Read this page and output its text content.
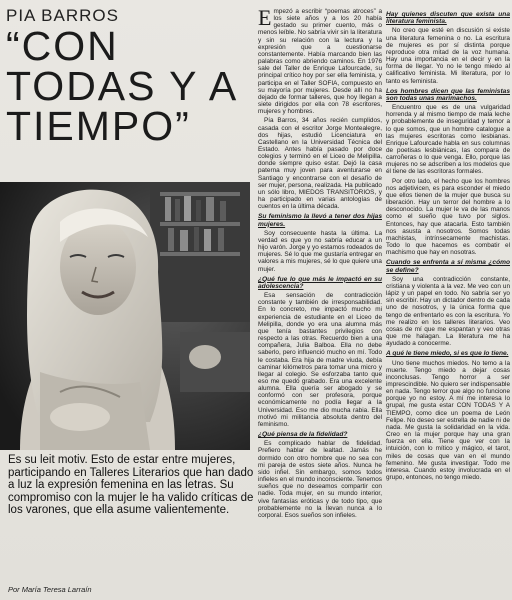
PIA BARROS
“CON TODAS Y A TIEMPO”
Es su leit motiv. Esto de estar entre mujeres, participando en Talleres Literarios que han dado a luz la expresión femenina en las letras. Su compromiso con la mujer le ha valido críticas de los varones, que ella asume valientemente.
Por María Teresa Larraín

Empezó a escribir “poemas atroces” a los siete años y a los 20 había gestado su primer cuento, más o menos leíble. No sabría vivir sin la literatura y sin su relación con la lectura y la expresión que a cuestionarse constantemente. Había marcando bien las palabras como abriendo caminos. En 1976 sale del Taller de Enrique Lafourcade, su principal crítico hoy por ser ella feminista, y participa en el Taller SOFIA, compuesto en su mayoría por mujeres. Desde allí no ha dejado de formar talleres, que hoy llegan a siete dirigidos por ella con 78 escritores, mujeres y hombres.

Pía Barros, 34 años recién cumplidos, casada con el escritor Jorge Montealegre, dos hijas, estudió Licenciatura en Castellano en la Universidad Técnica del Estado. Antes había pasado por doce colegios y terminó en el Liceo de Melipilla, donde siempre quiso estar. Dejó la casa paterna muy joven para aventurarse en Santiago y encontrarse con el desafío de ser mujer, persona, realizada. Ha publicado un sólo libro, MIEDOS TRANSITORIOS, y ha participado en varias antologías de cuentos en la última década.

Su feminismo la llevó a tener dos hijas mujeres.

Soy consecuente hasta la última. La verdad es que yo no sabría educar a un hijo varón. Jorge y yo estamos rodeados de mujeres. Sé lo que me gustaría entregar en valores a mis mujeres, sé lo que quiere una mujer.

¿Qué fue lo que más le impactó en su adolescencia?

Esa sensación de contradicción constante y también de irresponsabilidad. En lo concreto, me impactó mucho mi experiencia de estudiante en el Liceo de Melipilla, donde yo era una alumna más que tenía bastantes privilegios con respecto a las otras. Recuerdo bien a una compañera, Julia Balboa. Ella no debe saberlo, pero influenció mucho en mí. Todo le costaba. Era hija de madre viuda, debía caminar kilómetros para tomar una micro y llegar al colegio. Se esforzaba tanto que eso me quedó grabado. Era una excelente alumna. Ella quería ser abogado y se conformó con ser profesora, porque económicamente no podía llegar a la Universidad. Eso me dio mucha rabia. Ella motivó mi militancia absoluta dentro del feminismo.

¿Qué piensa de la fidelidad?

Es complicado hablar de fidelidad. Prefiero hablar de lealtad. Jamás he dormido con otro hombre que no sea con mi pareja de estos siete años. Nunca he sido infiel. Sin embargo, somos todos infieles en el mundo inconsciente. Tenemos sueños que no deseamos compartir con nadie. Toda mujer, en su mundo interior, vive fantasías eróticas y de todo tipo, que probablemente no la llevan nunca a lo corporal. Esos sueños son infieles.

Hay quienes discuten que exista una literatura feminista.

No creo que esté en discusión si existe una literatura femenina o no. La escritura de mujeres es por sí distinta porque reproduce otra mitad de la voz humana. Hay una importancia en el decir y en la forma de llegar. Yo no le tengo miedo al calificativo feminista. Mi literatura, por lo tanto es feminista.

Los hombres dicen que las feministas son todas unas marimachos.

Encuentro que es de una vulgaridad horrenda y al mismo tiempo de mala leche y probablemente de inseguridad y temor a lo que somos, que un hombre catalogue a las mujeres escritoras como lesbianas. Enrique Lafourcade habla en sus columnas de poetisas lesbiánicas, las compara de carroñeras o lo que venga. Ello, porque las mujeres no se adscriben a los modelos que él tiene de las escritoras formales.

Por otro lado, el hecho que los hombres nos adjetivicen, es para esconder el miedo que ellos tienen de la mujer que busca su liberación. Hay un terror del hombre a lo desconocido. La mujer le va de las manos como el sueño que tuvo por siglos. Entonces, hay que atacarla. Esto también nos asusta a nosotros. Somos todas machistas, intrínsecamente machistas. Todo lo que hacemos es combatir el machismo que hay en nosotras.

Cuando se enfrenta a sí misma ¿cómo se define?

Soy una contradicción constante, cristiana y violenta a la vez. Me veo con un lápiz y un papel en todo. No sabría ser yo sin escribir. Hay un dictador dentro de cada uno de nosotros, y la única forma que tengo de enfrentarlo es con la escritura. Yo me realizo en los talleres literarios. Veo cosas de mí que me espantan y veo otras que me halagan. La literatura me ha ayudado a conocerme.

A qué le tiene miedo, si es que lo tiene.

Uno tiene muchos miedos. No temo a la muerte. Tengo miedo a dejar cosas inconclusas. Tengo horror a ser imprescindible. No quiero ser indispensable en nada. Tengo terror que algo no funcione porque yo no estoy. A mí me interesa lo grupal, me gusta estar CON TODAS Y A TIEMPO, como dice un poema de León Felipe. No deseo ser estrella de nadie ni de nada. Me gusta la solidaridad en la vida. Creo en la mujer porque hay una gran fuerza en ella. Tiene que ver con la intuición, con lo mítico y mágico, el tarot, miles de cosas que van en el mundo femenino. Me gusta investigar. Todo me interesa. Cuando estoy involucrada en el grupo, entonces, no tengo miedo.
